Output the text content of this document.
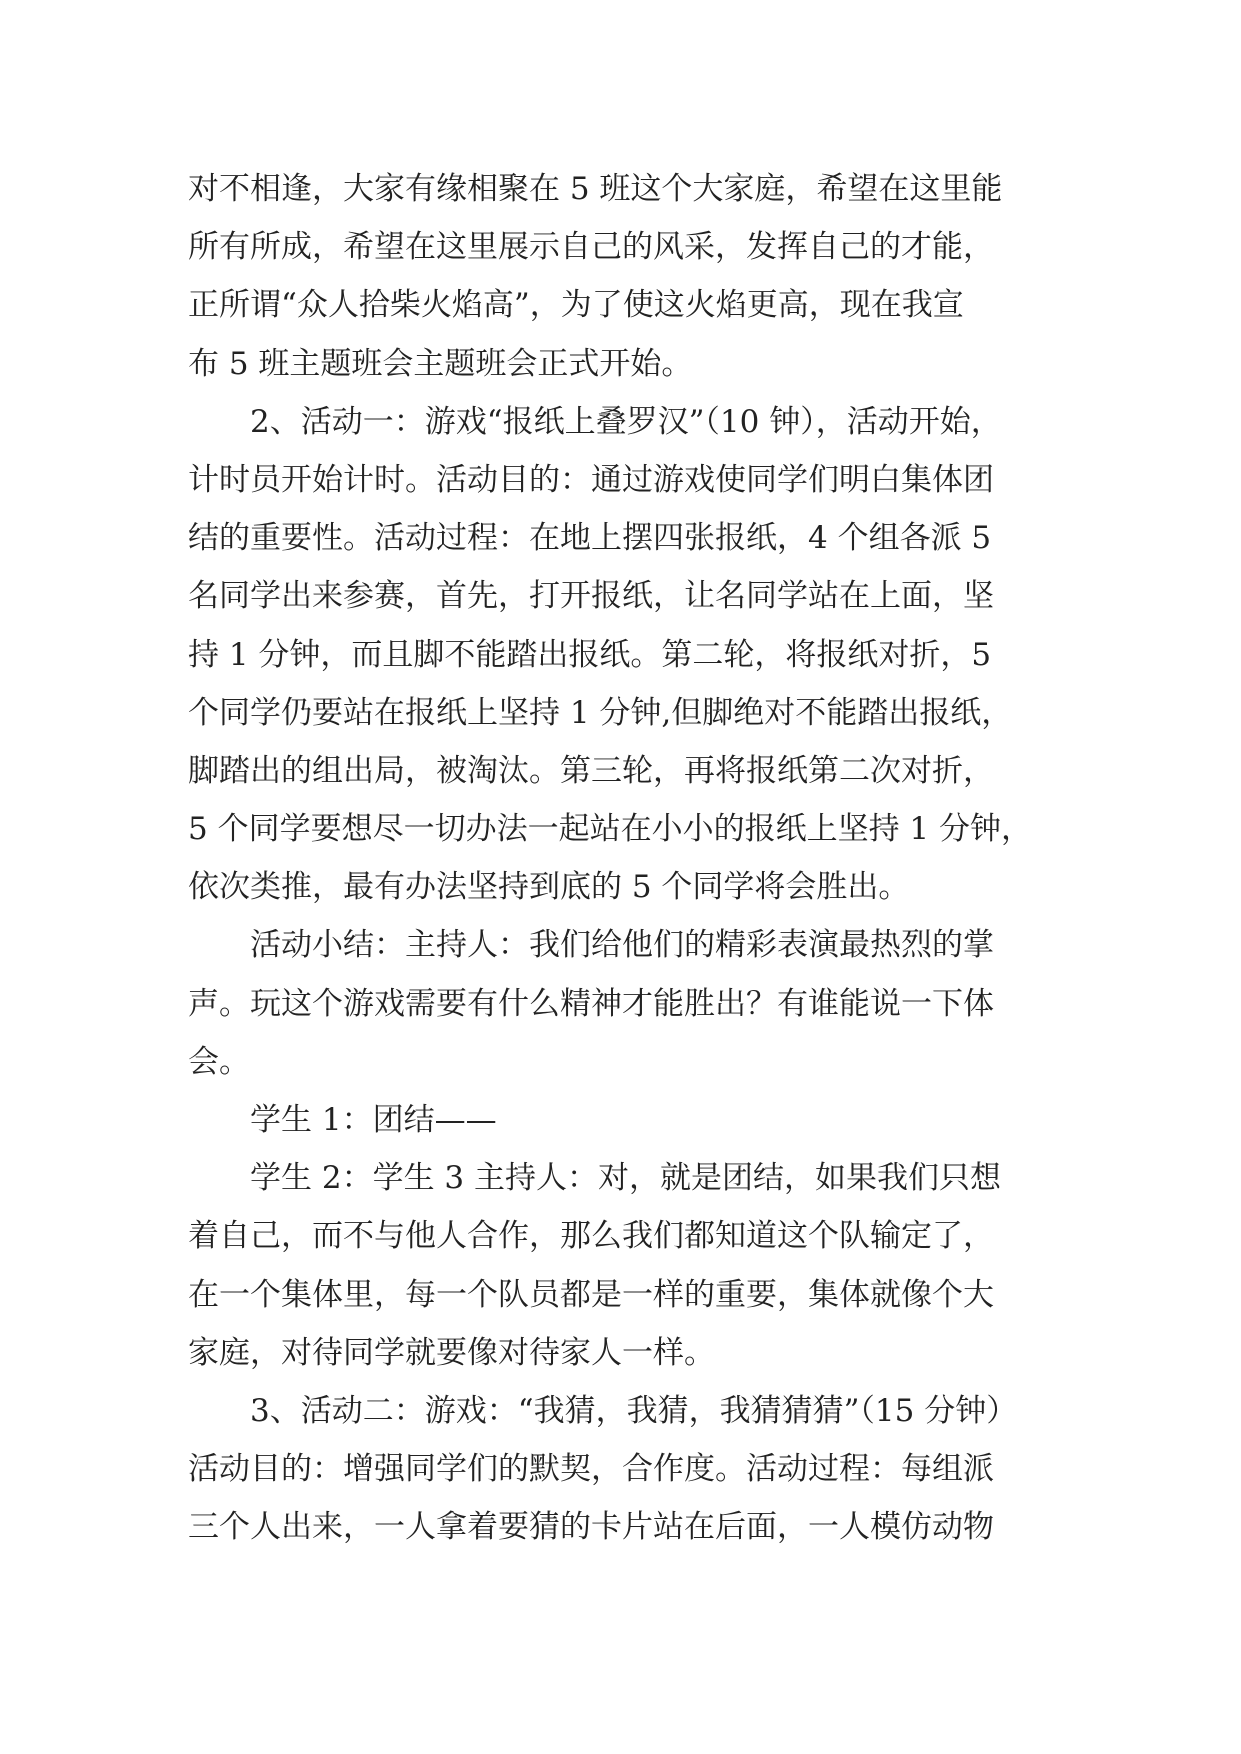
对不相逢，大家有缘相聚在 5 班这个大家庭，希望在这里能
所有所成，希望在这里展示自己的风采，发挥自己的才能，
正所谓“众人拾柴火焰高”，为了使这火焰更高，现在我宣
布 5 班主题班会主题班会正式开始。
2、活动一：游戏“报纸上叠罗汉”（10 钟），活动开始，
计时员开始计时。活动目的：通过游戏使同学们明白集体团
结的重要性。活动过程：在地上摆四张报纸，4 个组各派 5
名同学出来参赛，首先，打开报纸，让名同学站在上面，坚
持 1 分钟，而且脚不能踏出报纸。第二轮，将报纸对折，5
个同学仍要站在报纸上坚持 1 分钟,但脚绝对不能踏出报纸，
脚踏出的组出局，被淘汰。第三轮，再将报纸第二次对折，
5 个同学要想尽一切办法一起站在小小的报纸上坚持 1 分钟，
依次类推，最有办法坚持到底的 5 个同学将会胜出。
活动小结：主持人：我们给他们的精彩表演最热烈的掌
声。玩这个游戏需要有什么精神才能胜出？有谁能说一下体
会。
学生 1：团结——
学生 2：学生 3 主持人：对，就是团结，如果我们只想
着自己，而不与他人合作，那么我们都知道这个队输定了，
在一个集体里，每一个队员都是一样的重要，集体就像个大
家庭，对待同学就要像对待家人一样。
3、活动二：游戏：“我猜，我猜，我猜猜猜”（15 分钟）
活动目的：增强同学们的默契，合作度。活动过程：每组派
三个人出来，一人拿着要猜的卡片站在后面，一人模仿动物
